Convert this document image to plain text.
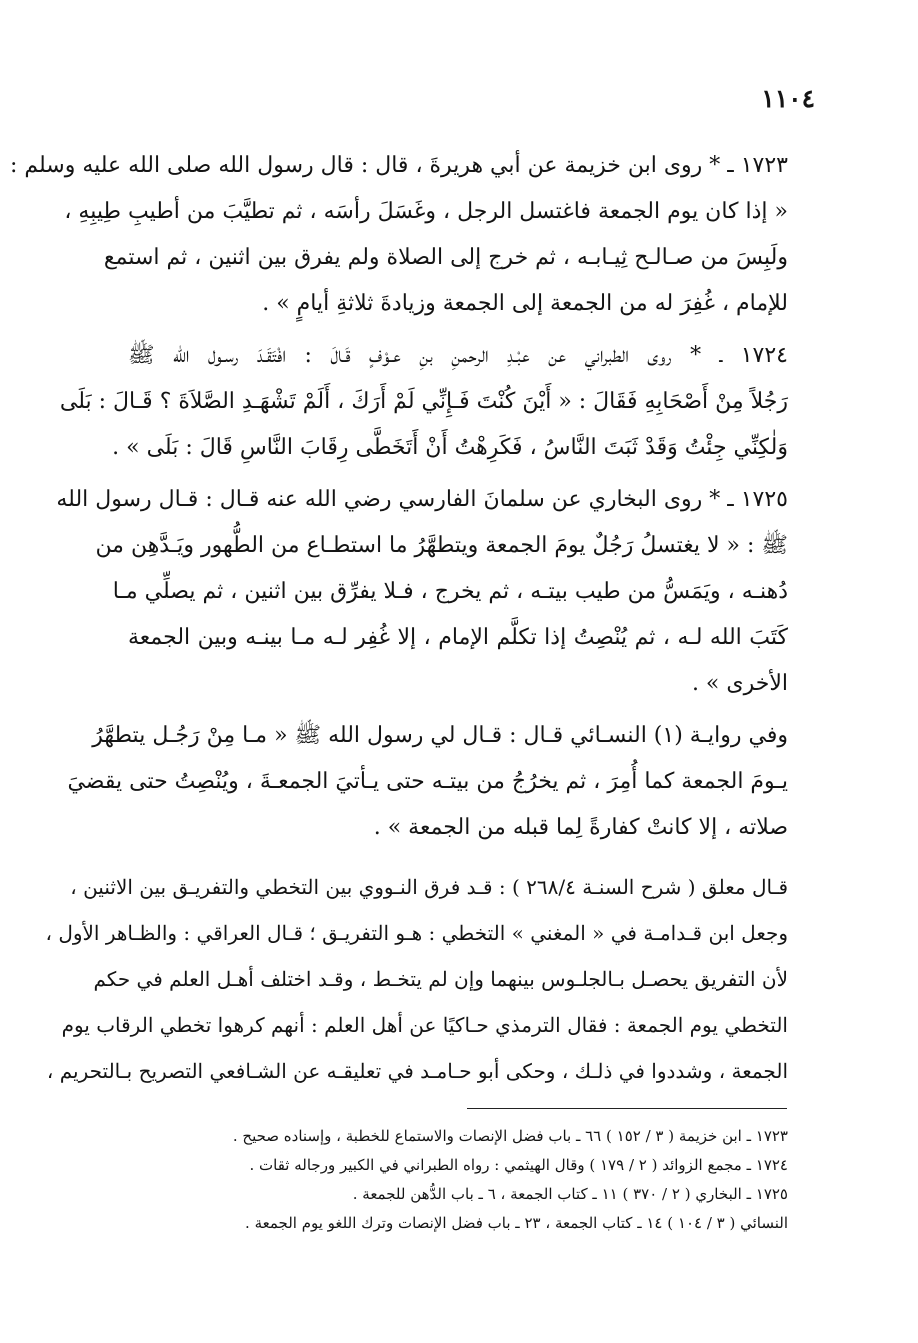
١١٠٤
١٧٢٣ ـ * روى ابن خزيمة عن أبي هريرةَ ، قال : قال رسول الله صلى الله عليه وسلم :
« إذا كان يوم الجمعة فاغتسل الرجل ، وغَسَلَ رأسَه ، ثم تطيَّبَ من أطيبِ طِيبِهِ ،
ولَبِسَ من صـالـح ثِيـابـه ، ثم خرج إلى الصلاة ولم يفرق بين اثنين ، ثم استمع
للإمام ، غُفِرَ له من الجمعة إلى الجمعة وزيادةَ ثلاثةِ أيامٍ » .
١٧٢٤ ـ * روى الطبراني عن عبْـدِ الرحمنِ بنِ عـوْفٍ قَـالَ : افْتَقَـدَ رسـول الله ﷺ
رَجُلاً مِنْ أَصْحَابِهِ فَقَالَ : « أَيْنَ كُنْتَ فَـإِنِّي لَمْ أَرَكَ ، أَلَمْ تَشْهَـدِ الصَّلاَةَ ؟ قَـالَ : بَلَى
وَلٰكِنِّي جِئْتُ وَقَدْ ثَبَتَ النَّاسُ ، فَكَرِهْتُ أَنْ أَتَخَطَّى رِقَابَ النَّاسِ قَالَ : بَلَى » .
١٧٢٥ ـ * روى البخاري عن سلمانَ الفارسي رضي الله عنه قـال : قـال رسول الله
ﷺ : « لا يغتسلُ رَجُلٌ يومَ الجمعة ويتطهَّرُ ما استطـاع من الطُّهور ويَـدَّهِن من
دُهنـه ، ويَمَسُّ من طيب بيتـه ، ثم يخرج ، فـلا يفرِّق بين اثنين ، ثم يصلِّي مـا
كَتَبَ الله لـه ، ثم يُنْصِتُ إذا تكلَّم الإمام ، إلا غُفِر لـه مـا بينـه وبين الجمعة
الأخرى » .
وفي روايـة (١) النسـائي قـال : قـال لي رسول الله ﷺ « مـا مِنْ رَجُـل يتطهَّرُ
يـومَ الجمعة كما أُمِرَ ، ثم يخرُجُ من بيتـه حتى يـأتيَ الجمعـةَ ، ويُنْصِتُ حتى يقضيَ
صلاته ، إلا كانتْ كفارةً لِما قبله من الجمعة » .
قـال معلق ( شرح السنـة ٢٦٨/٤ ) : قـد فرق النـووي بين التخطي والتفريـق بين الاثنين ،
وجعل ابن قـدامـة في « المغني » التخطي : هـو التفريـق ؛ قـال العراقي : والظـاهر الأول ،
لأن التفريق يحصـل بـالجلـوس بينهما وإن لم يتخـط ، وقـد اختلف أهـل العلم في حكم
التخطي يوم الجمعة : فقال الترمذي حـاكيًا عن أهل العلم : أنهم كرهوا تخطي الرقاب يوم
الجمعة ، وشددوا في ذلـك ، وحكى أبو حـامـد في تعليقـه عن الشـافعي التصريح بـالتحريم ،
١٧٢٣ ـ ابن خزيمة ( ٣ / ١٥٢ ) ٦٦ ـ باب فضل الإنصات والاستماع للخطبة ، وإسناده صحيح .
١٧٢٤ ـ مجمع الزوائد ( ٢ / ١٧٩ ) وقال الهيثمي : رواه الطبراني في الكبير ورجاله ثقات .
١٧٢٥ ـ البخاري ( ٢ / ٣٧٠ ) ١١ ـ كتاب الجمعة ، ٦ ـ باب الدُّهن للجمعة .
النسائي ( ٣ / ١٠٤ ) ١٤ ـ كتاب الجمعة ، ٢٣ ـ باب فضل الإنصات وترك اللغو يوم الجمعة .
